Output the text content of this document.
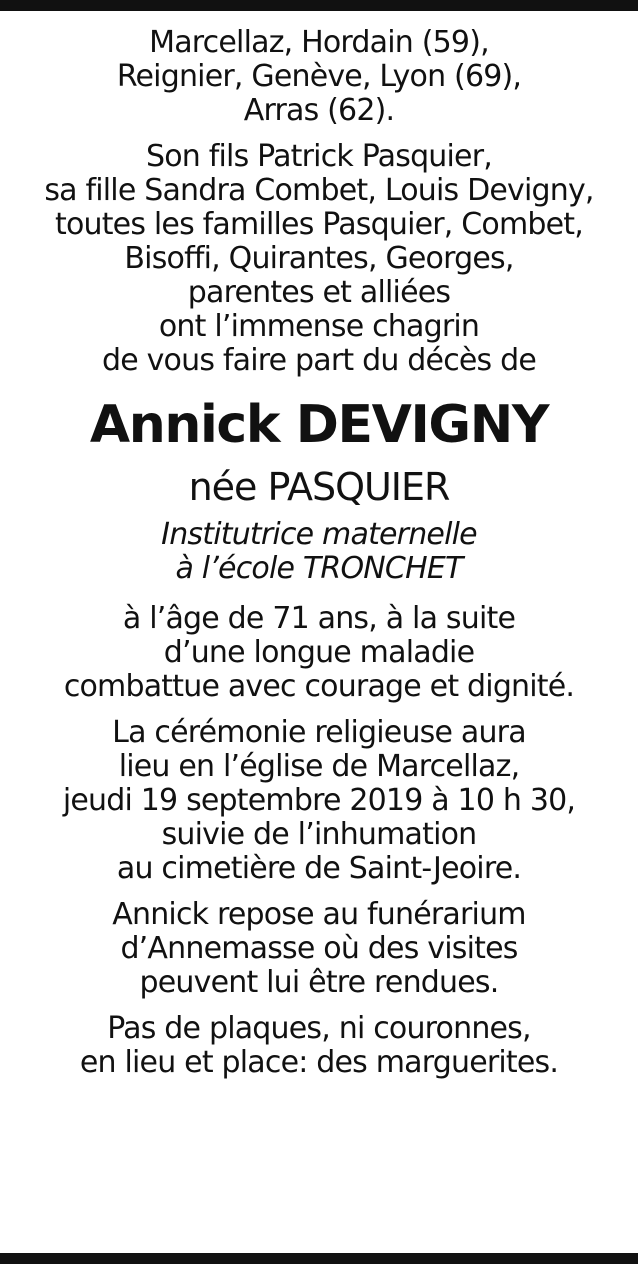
Marcellaz, Hordain (59),
Reignier, Genève, Lyon (69),
Arras (62).
Son fils Patrick Pasquier,
sa fille Sandra Combet, Louis Devigny,
toutes les familles Pasquier, Combet,
Bisoffi, Quirantes, Georges,
parentes et alliées
ont l’immense chagrin
de vous faire part du décès de
Annick DEVIGNY
née PASQUIER
Institutrice maternelle
à l’école TRONCHET
à l’âge de 71 ans, à la suite
d’une longue maladie
combattue avec courage et dignité.
La cérémonie religieuse aura
lieu en l’église de Marcellaz,
jeudi 19 septembre 2019 à 10 h 30,
suivie de l’inhumation
au cimetière de Saint-Jeoire.
Annick repose au funérarium
d’Annemasse où des visites
peuvent lui être rendues.
Pas de plaques, ni couronnes,
en lieu et place: des marguerites.
